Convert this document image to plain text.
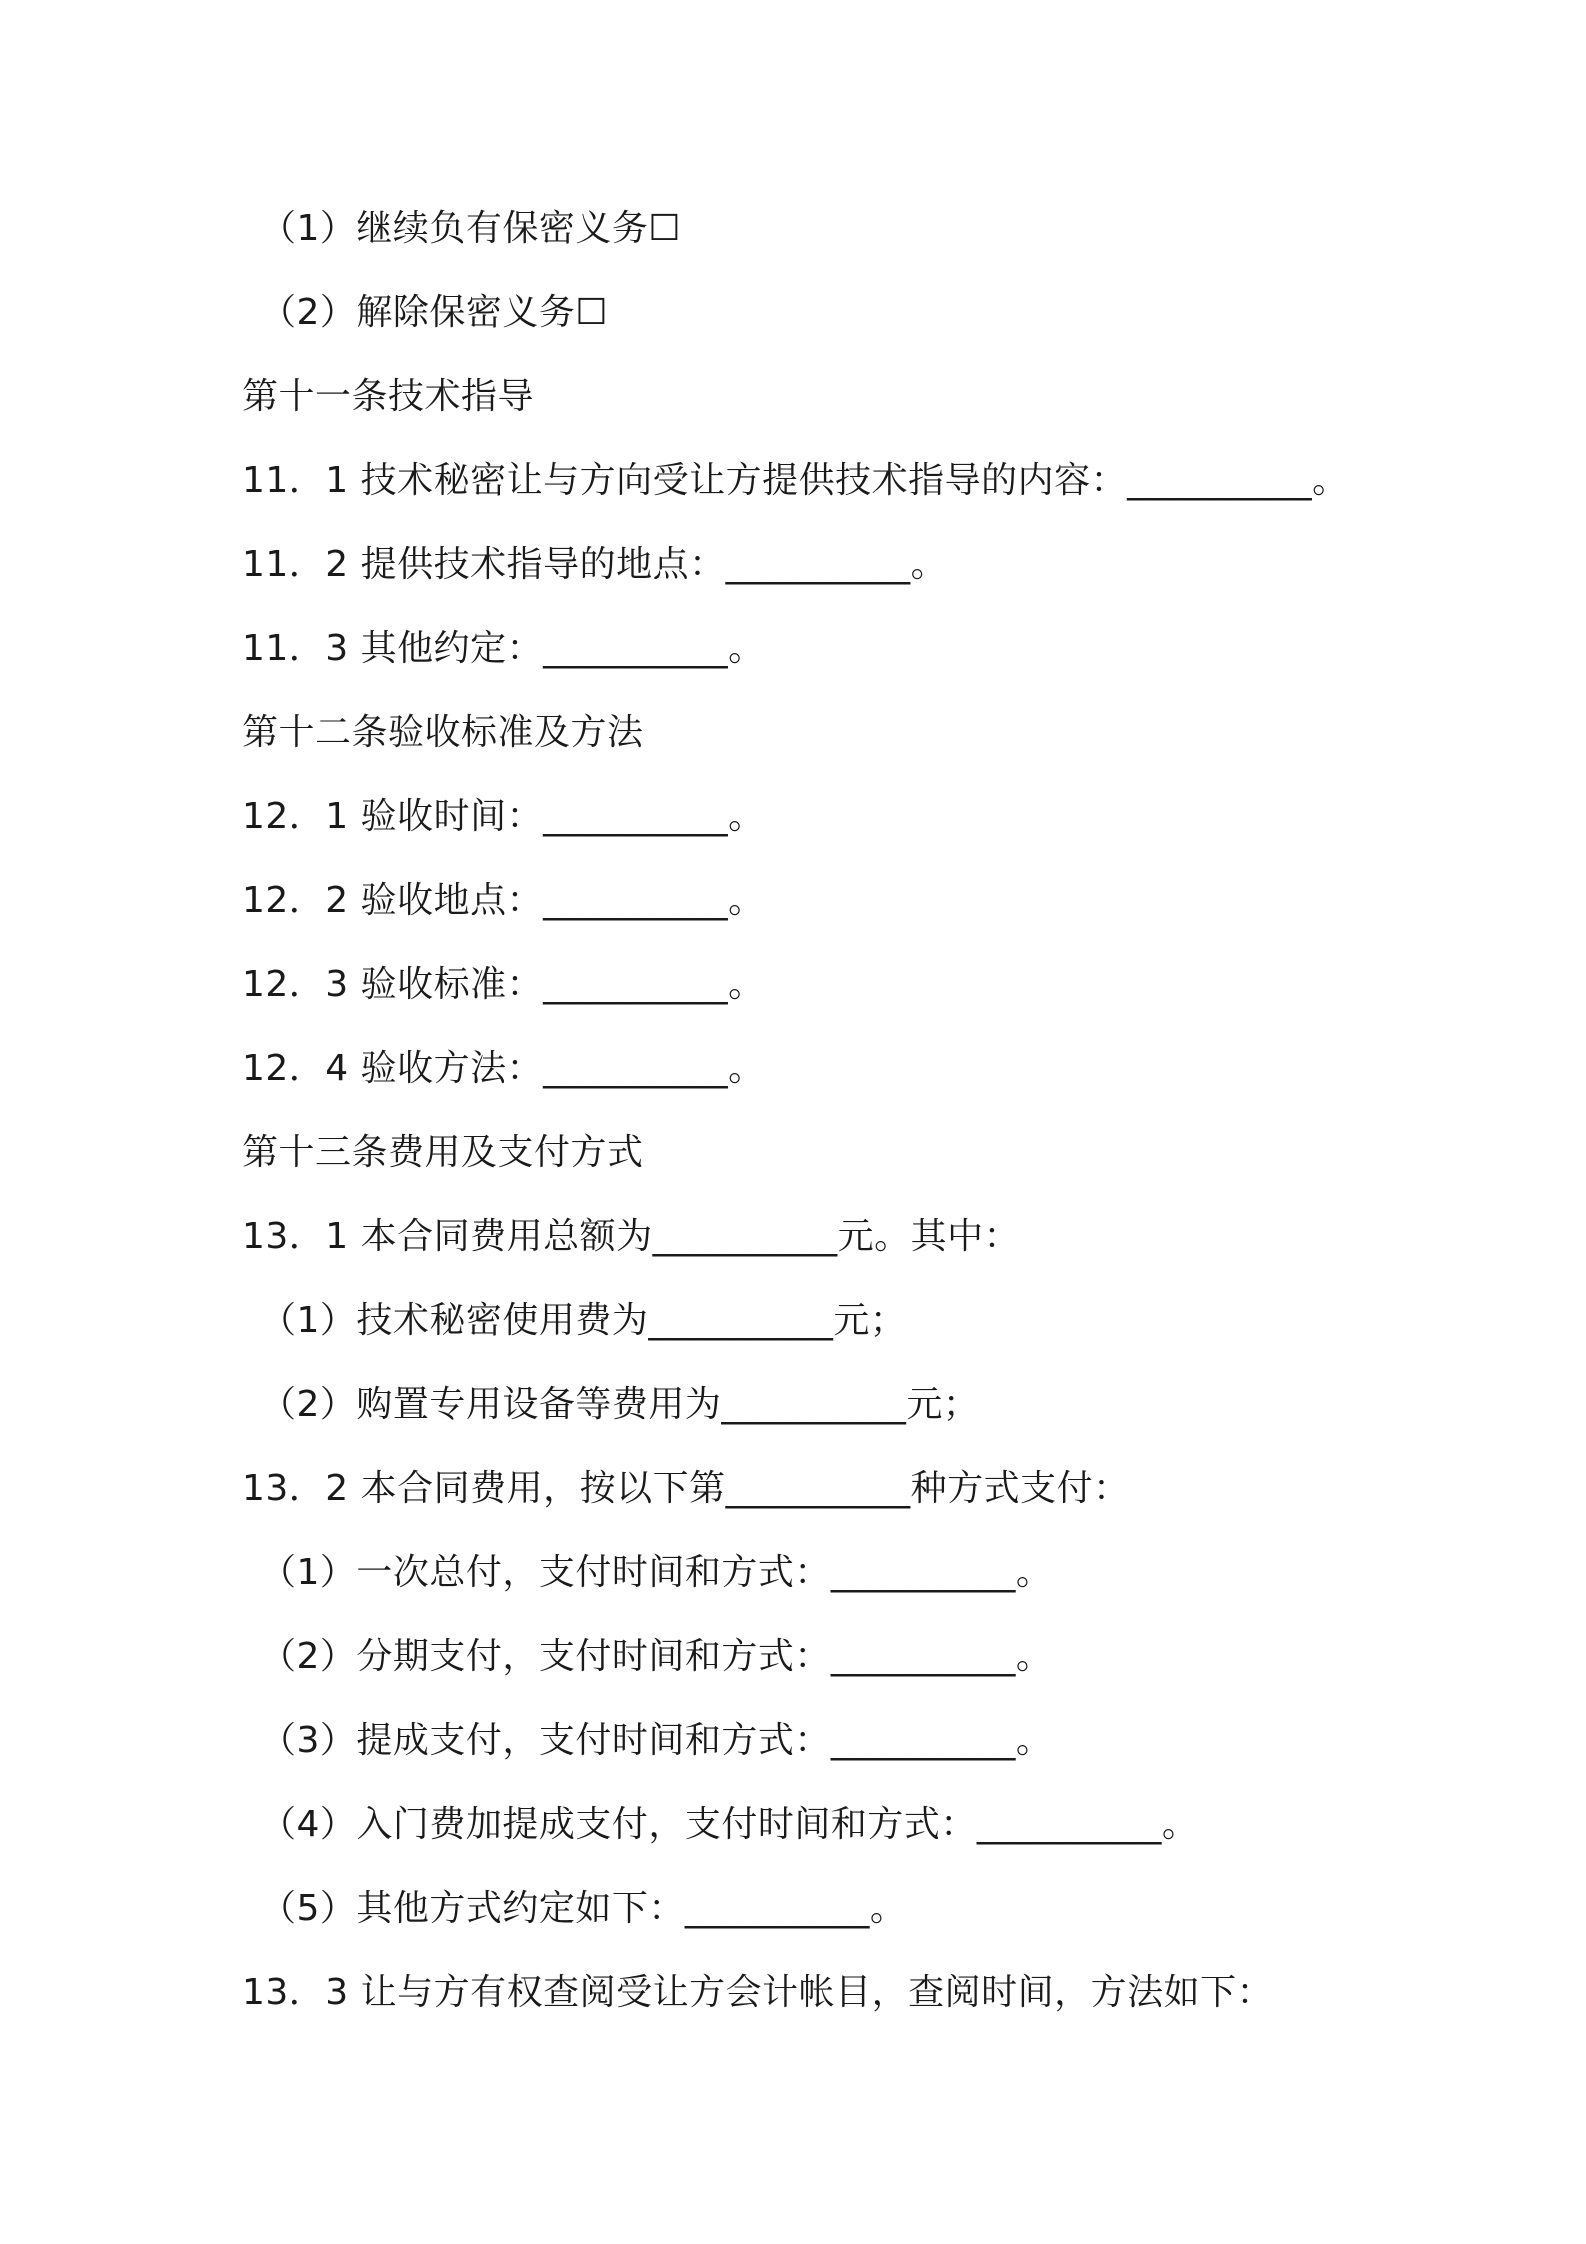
（1）继续负有保密义务☐
（2）解除保密义务☐
第十一条技术指导
11．1 技术秘密让与方向受让方提供技术指导的内容：__________。
11．2 提供技术指导的地点：__________。
11．3 其他约定：__________。
第十二条验收标准及方法
12．1 验收时间：__________。
12．2 验收地点：__________。
12．3 验收标准：__________。
12．4 验收方法：__________。
第十三条费用及支付方式
13．1 本合同费用总额为__________元。其中：
（1）技术秘密使用费为__________元；
（2）购置专用设备等费用为__________元；
13．2 本合同费用，按以下第__________种方式支付：
（1）一次总付，支付时间和方式：__________。
（2）分期支付，支付时间和方式：__________。
（3）提成支付，支付时间和方式：__________。
（4）入门费加提成支付，支付时间和方式：__________。
（5）其他方式约定如下：__________。
13．3 让与方有权查阅受让方会计帐目，查阅时间，方法如下：
